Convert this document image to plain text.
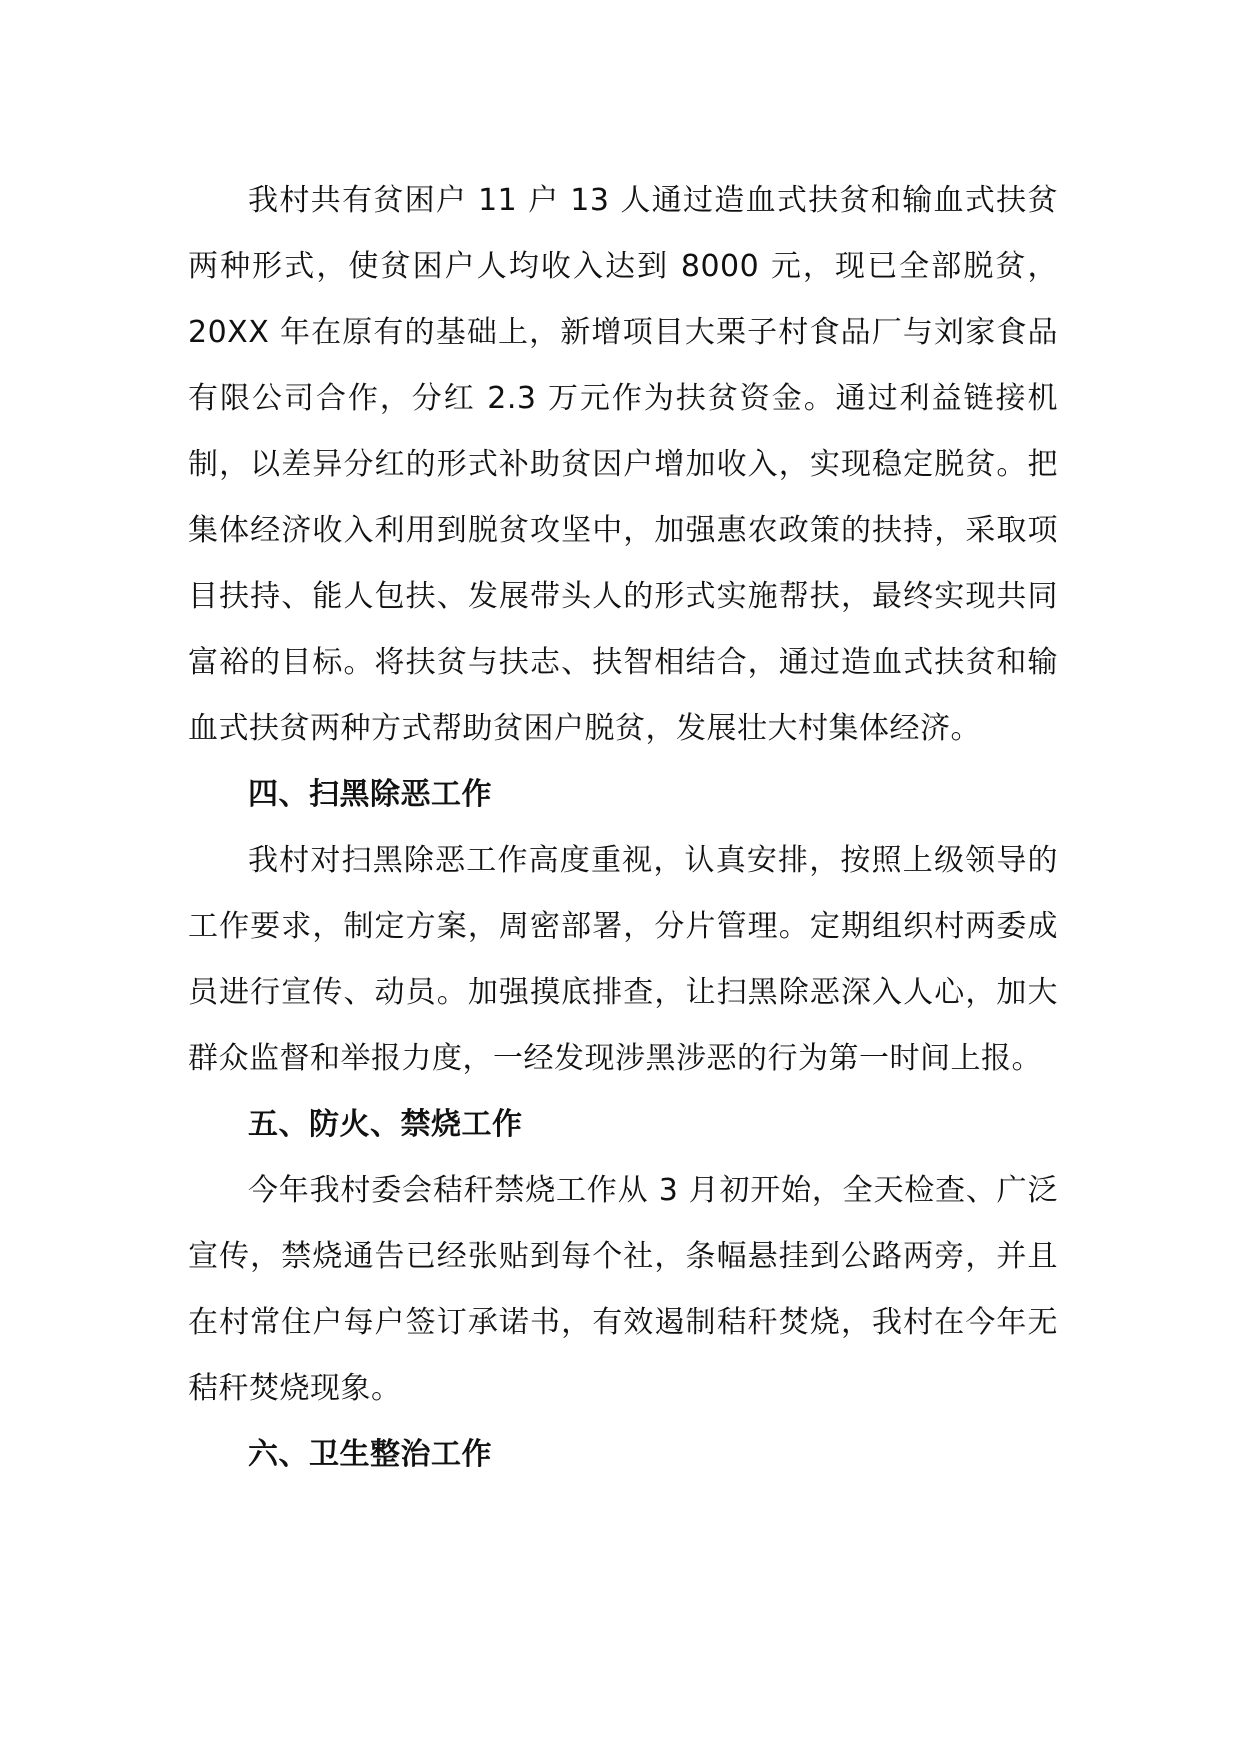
我村共有贫困户 11 户 13 人通过造血式扶贫和输血式扶贫两种形式，使贫困户人均收入达到 8000 元，现已全部脱贫，20XX 年在原有的基础上，新增项目大栗子村食品厂与刘家食品有限公司合作，分红 2.3 万元作为扶贫资金。通过利益链接机制，以差异分红的形式补助贫因户增加收入，实现稳定脱贫。把集体经济收入利用到脱贫攻坚中，加强惠农政策的扶持，采取项目扶持、能人包扶、发展带头人的形式实施帮扶，最终实现共同富裕的目标。将扶贫与扶志、扶智相结合，通过造血式扶贫和输血式扶贫两种方式帮助贫困户脱贫，发展壮大村集体经济。

四、扫黑除恶工作

我村对扫黑除恶工作高度重视，认真安排，按照上级领导的工作要求，制定方案，周密部署，分片管理。定期组织村两委成员进行宣传、动员。加强摸底排查，让扫黑除恶深入人心，加大群众监督和举报力度，一经发现涉黑涉恶的行为第一时间上报。

五、防火、禁烧工作

今年我村委会秸秆禁烧工作从 3 月初开始，全天检查、广泛宣传，禁烧通告已经张贴到每个社，条幅悬挂到公路两旁，并且在村常住户每户签订承诺书，有效遏制秸秆焚烧，我村在今年无秸秆焚烧现象。

六、卫生整治工作
